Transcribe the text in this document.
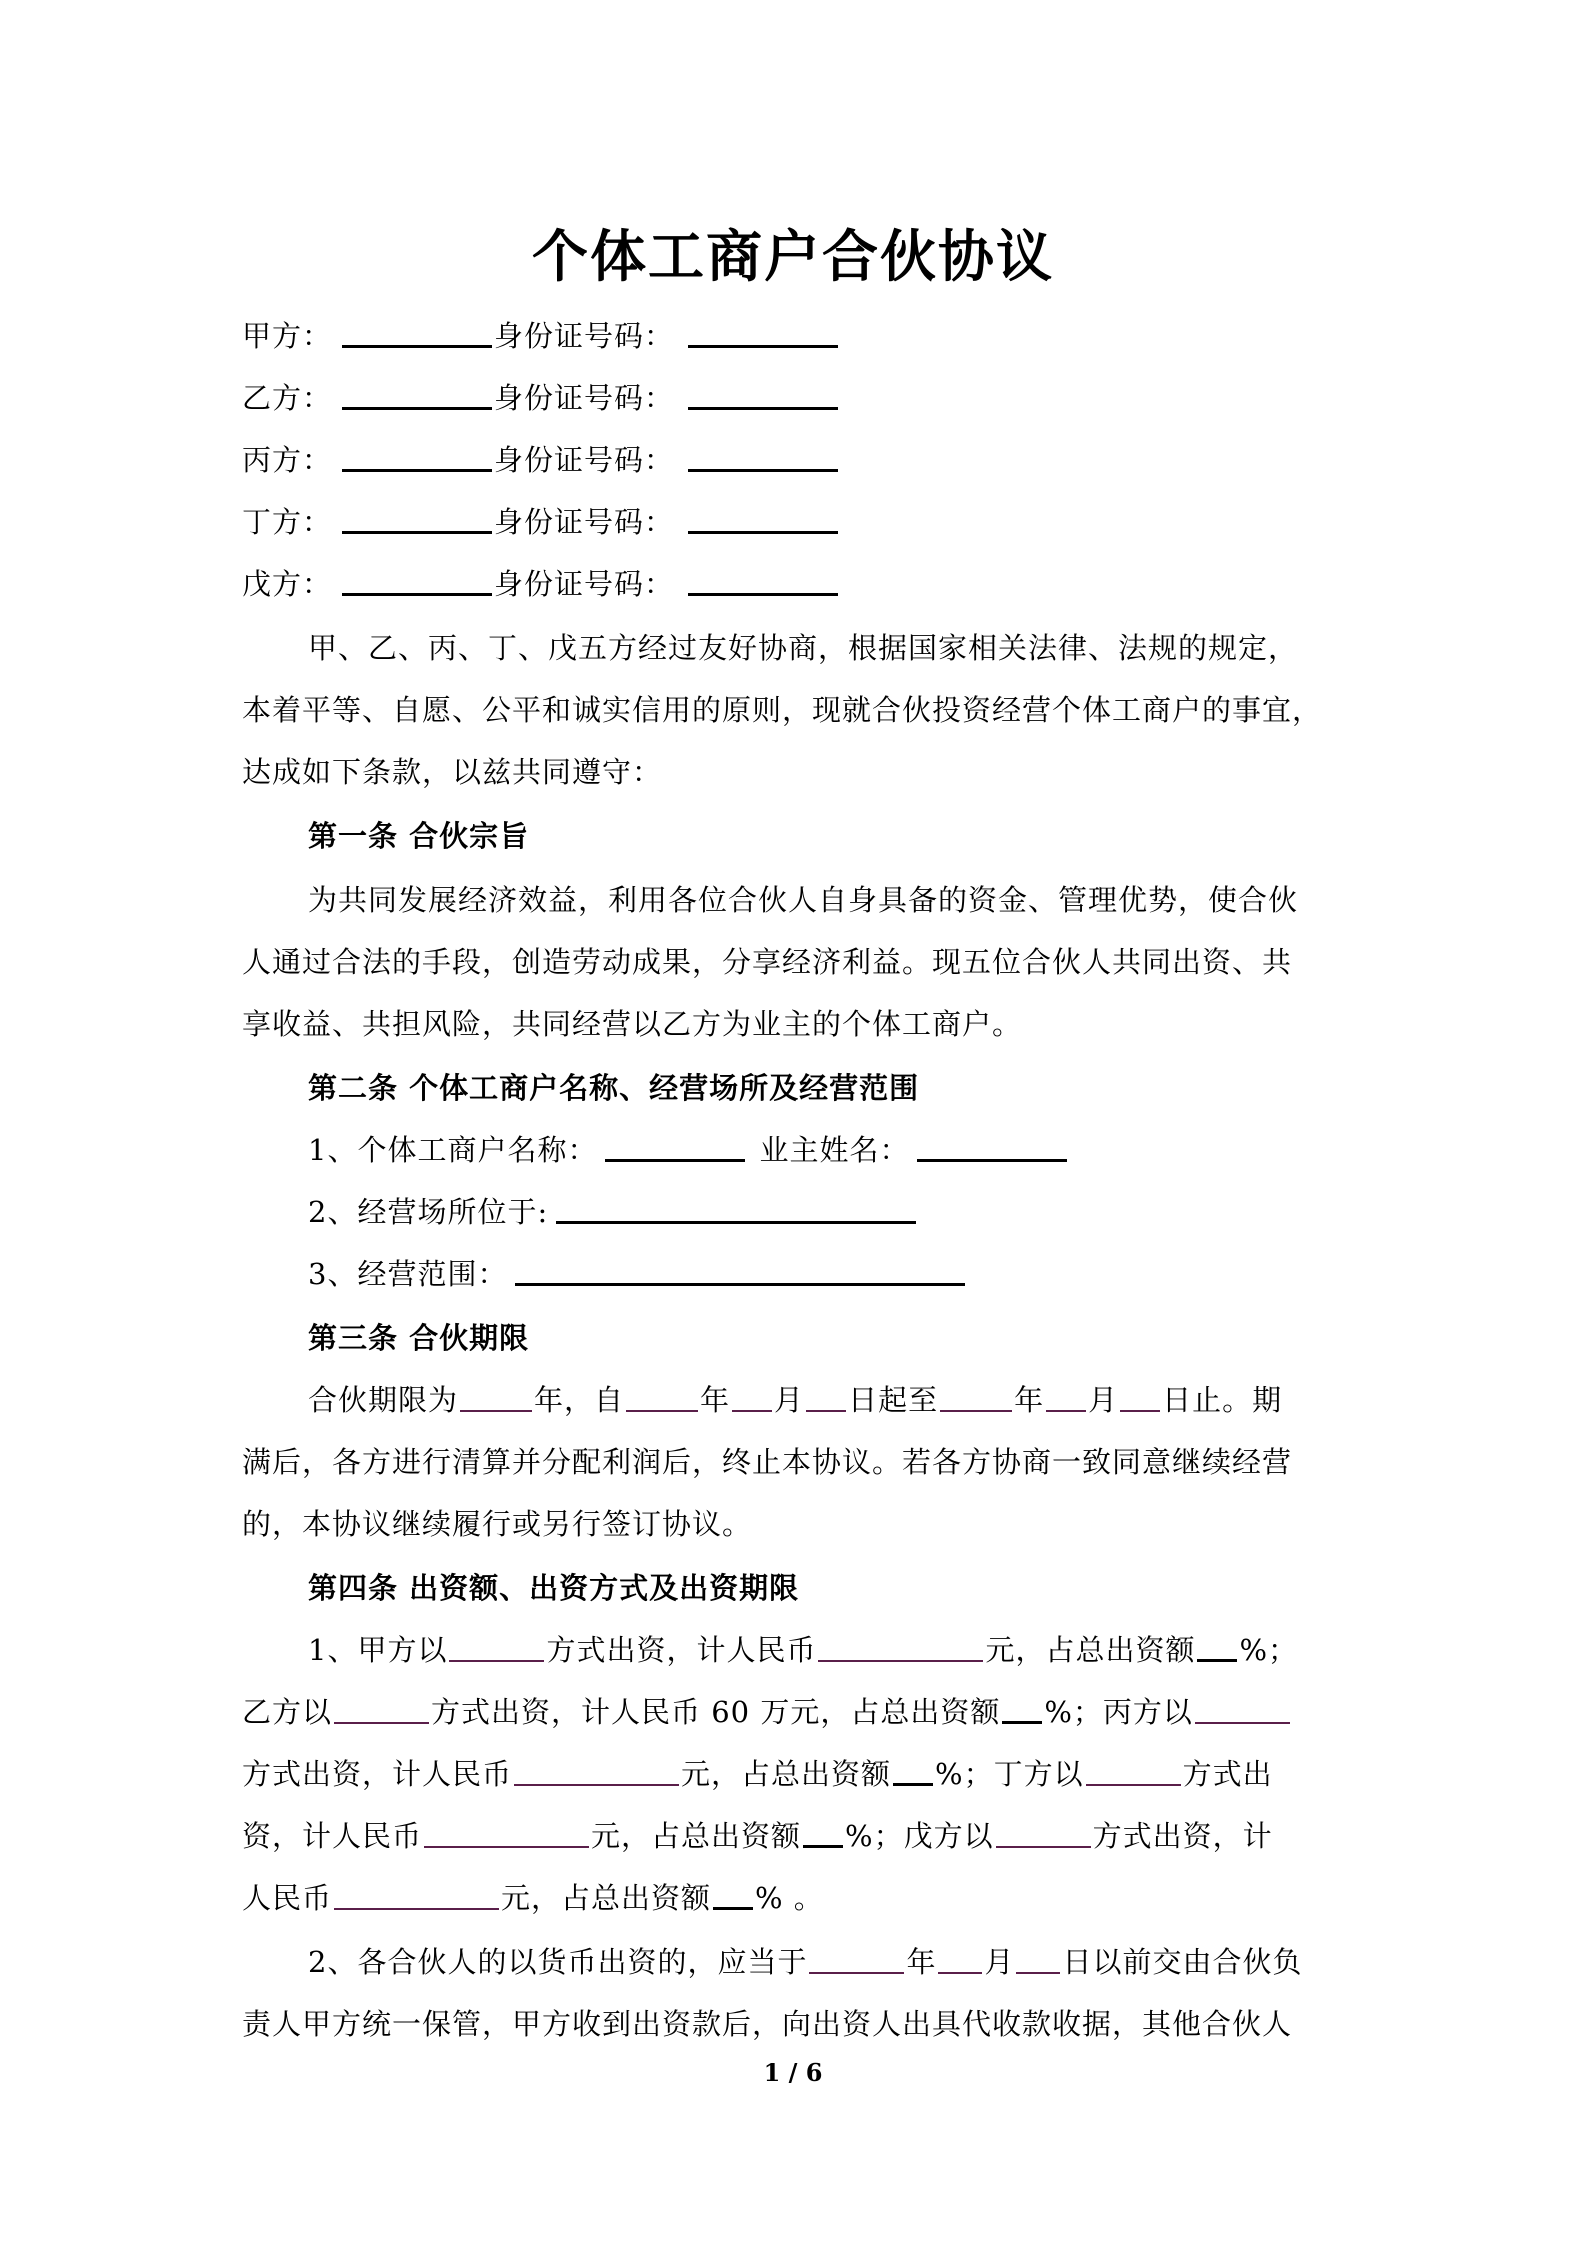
个体工商户合伙协议
甲方：	身份证号码：
乙方：	身份证号码：
丙方：	身份证号码：
丁方：	身份证号码：
戊方：	身份证号码：
甲、乙、丙、丁、戊五方经过友好协商，根据国家相关法律、法规的规定，
本着平等、自愿、公平和诚实信用的原则，现就合伙投资经营个体工商户的事宜，
达成如下条款，以兹共同遵守：
第一条 合伙宗旨
为共同发展经济效益，利用各位合伙人自身具备的资金、管理优势，使合伙
人通过合法的手段，创造劳动成果，分享经济利益。现五位合伙人共同出资、共
享收益、共担风险，共同经营以乙方为业主的个体工商户。
第二条 个体工商户名称、经营场所及经营范围
1、个体工商户名称：	业主姓名：
2、经营场所位于:
3、经营范围：
第三条 合伙期限
合伙期限为	年，自	年 月 日起至	年 月 日止。期
满后，各方进行清算并分配利润后，终止本协议。若各方协商一致同意继续经营
的，本协议继续履行或另行签订协议。
第四条 出资额、出资方式及出资期限
1、甲方以	方式出资，计人民币	元，占总出资额 %；
乙方以	方式出资，计人民币 60 万元，占总出资额 %；丙方以
方式出资，计人民币	元，占总出资额 %；丁方以	方式出
资，计人民币	元，占总出资额 %；戊方以	方式出资，计
人民币	元，占总出资额 % 。
2、各合伙人的以货币出资的，应当于	年 月 日以前交由合伙负
责人甲方统一保管，甲方收到出资款后，向出资人出具代收款收据，其他合伙人
1 / 6
